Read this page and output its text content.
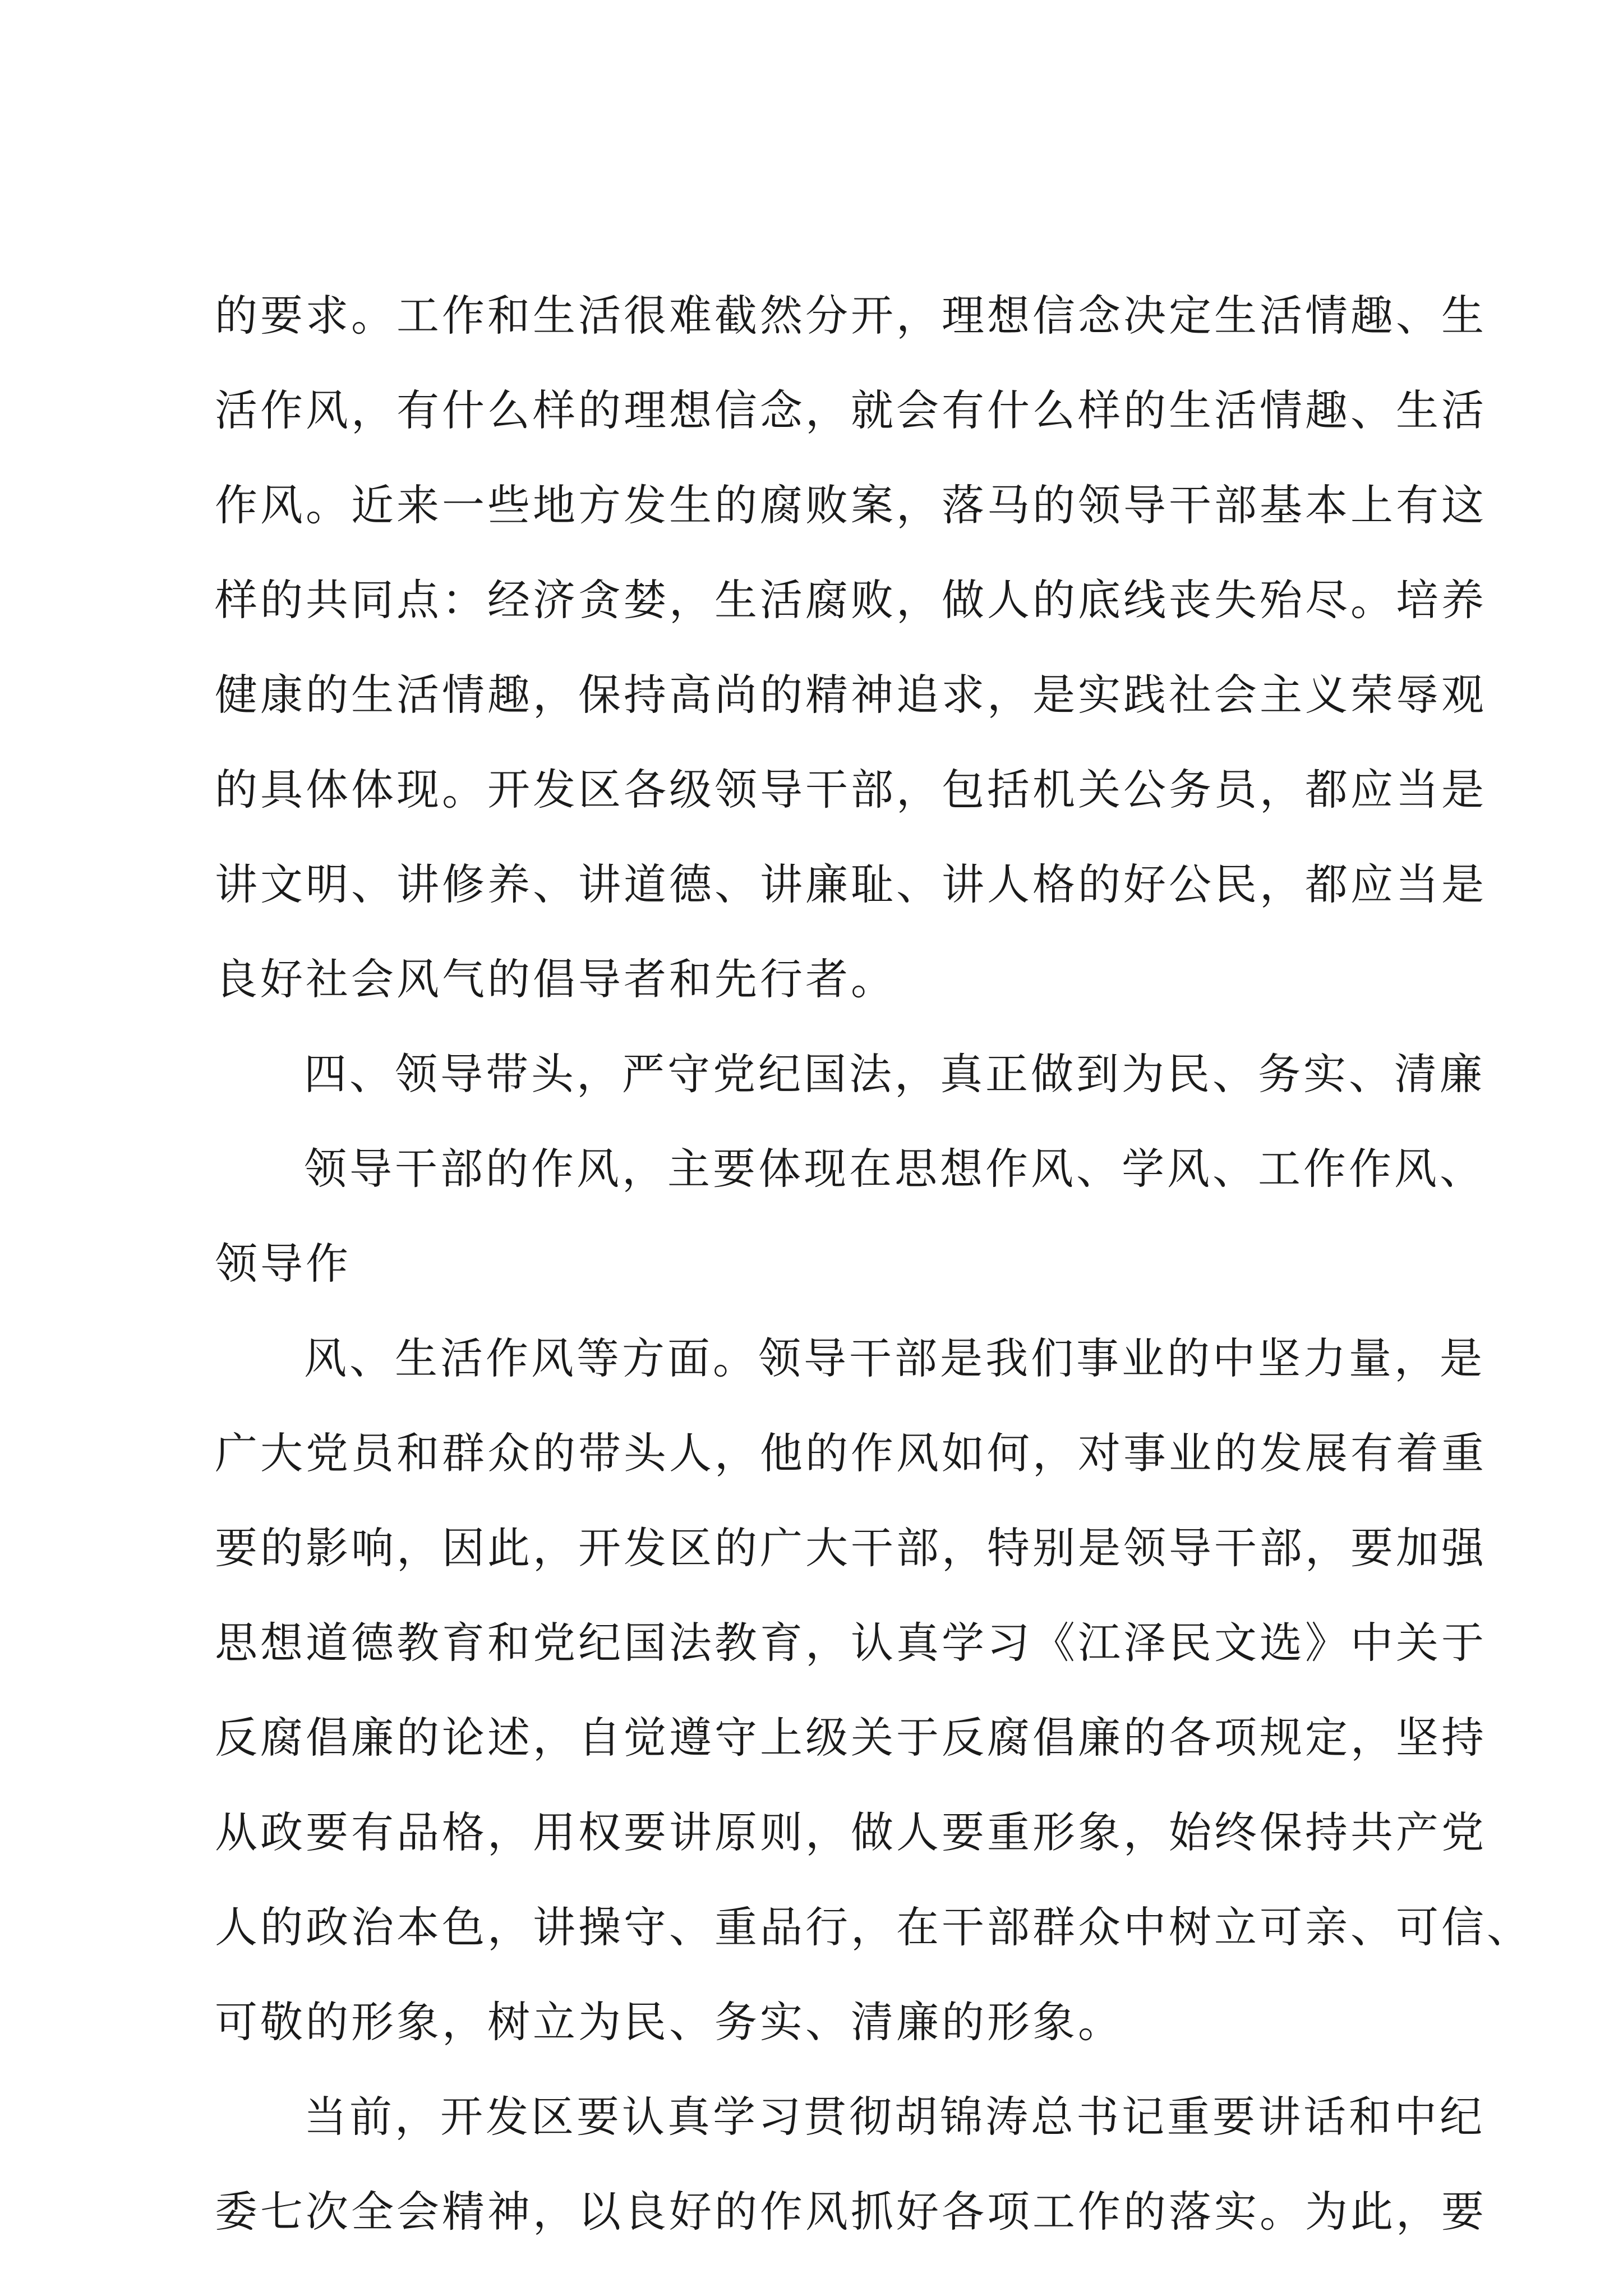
的要求。工作和生活很难截然分开，理想信念决定生活情趣、生

活作风，有什么样的理想信念，就会有什么样的生活情趣、生活

作风。近来一些地方发生的腐败案，落马的领导干部基本上有这

样的共同点：经济贪婪，生活腐败，做人的底线丧失殆尽。培养

健康的生活情趣，保持高尚的精神追求，是实践社会主义荣辱观

的具体体现。开发区各级领导干部，包括机关公务员，都应当是

讲文明、讲修养、讲道德、讲廉耻、讲人格的好公民，都应当是

良好社会风气的倡导者和先行者。

四、领导带头，严守党纪国法，真正做到为民、务实、清廉

领导干部的作风，主要体现在思想作风、学风、工作作风、

领导作

风、生活作风等方面。领导干部是我们事业的中坚力量，是

广大党员和群众的带头人，他的作风如何，对事业的发展有着重

要的影响，因此，开发区的广大干部，特别是领导干部，要加强

思想道德教育和党纪国法教育，认真学习《江泽民文选》中关于

反腐倡廉的论述，自觉遵守上级关于反腐倡廉的各项规定，坚持

从政要有品格，用权要讲原则，做人要重形象，始终保持共产党

人的政治本色，讲操守、重品行，在干部群众中树立可亲、可信、

可敬的形象，树立为民、务实、清廉的形象。

当前，开发区要认真学习贯彻胡锦涛总书记重要讲话和中纪

委七次全会精神，以良好的作风抓好各项工作的落实。为此，要
